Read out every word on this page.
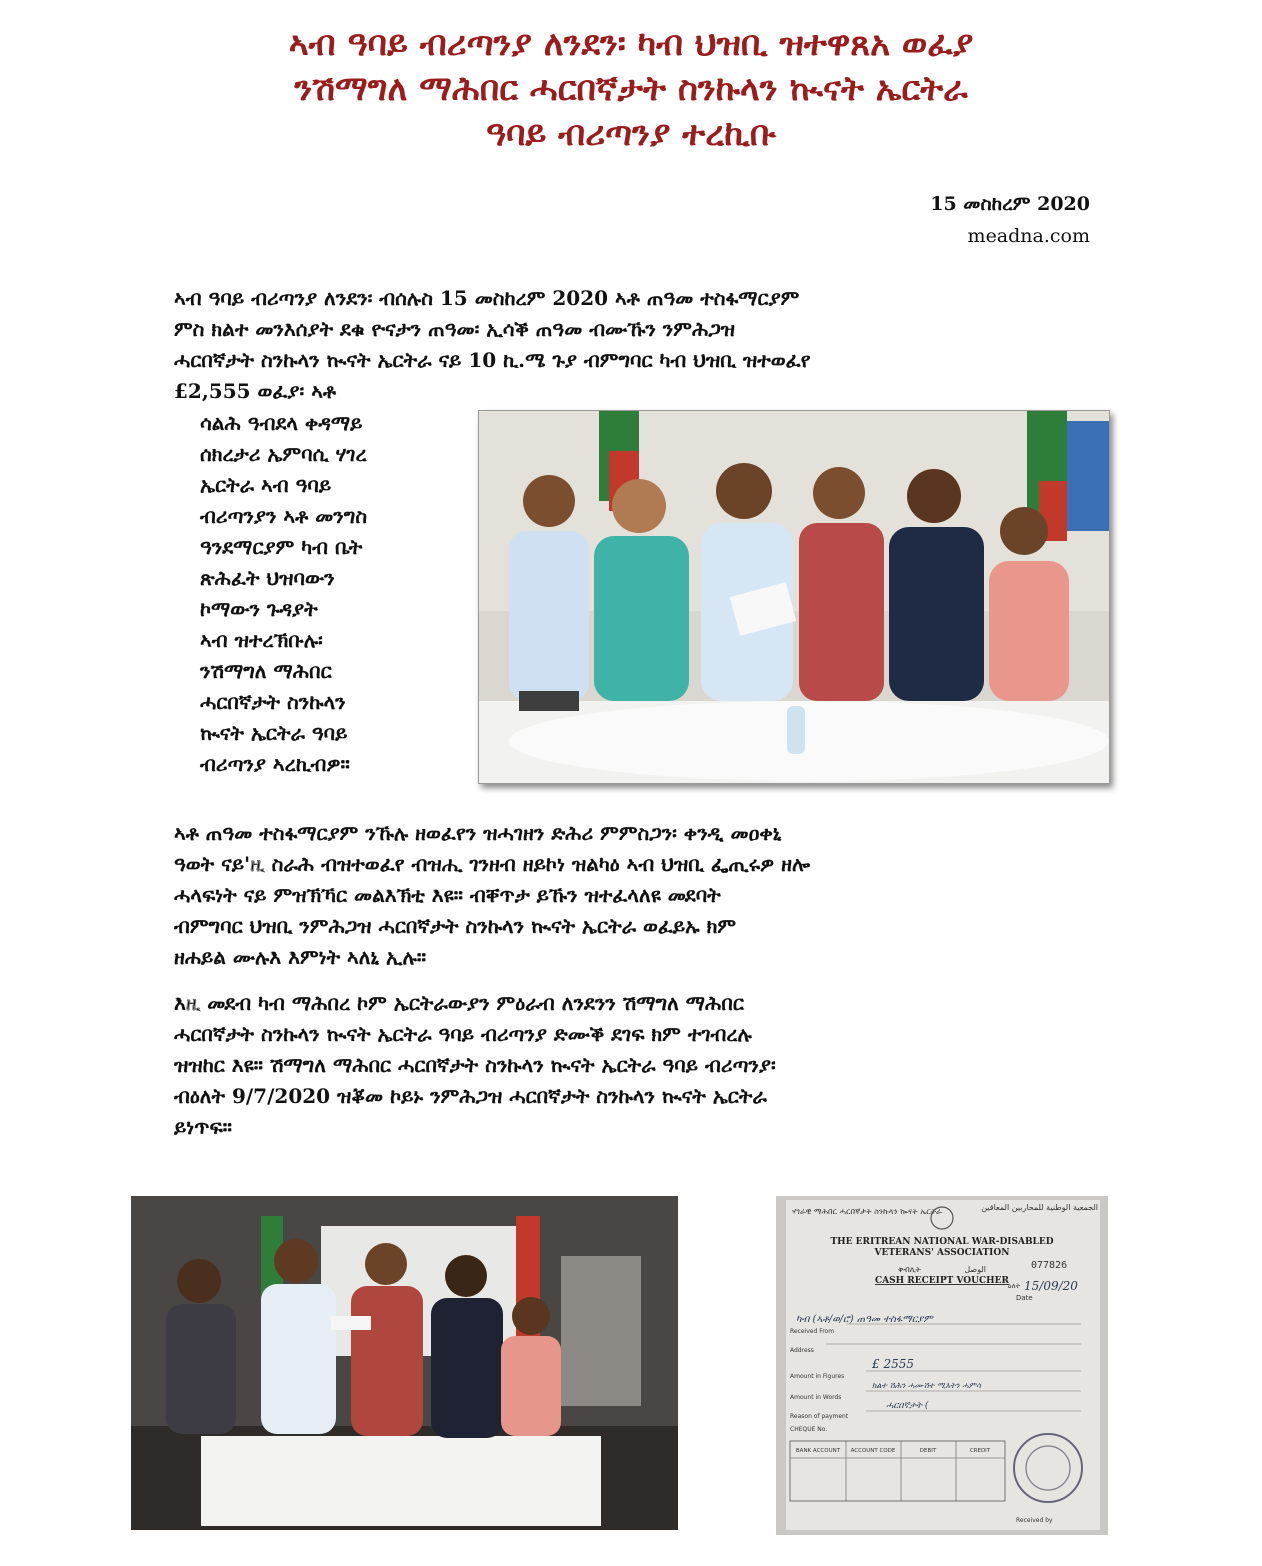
ኣብ ዓባይ ብሪጣንያ ለንደን፡ ካብ ህዝቢ ዝተዋጸአ ወፈያ
ንሽማግለ ማሕበር ሓርበኛታት ስንኩላን ኲናት ኤርትራ
ዓባይ ብሪጣንያ ተረኪቡ
15 መስከረም 2020
meadna.com
ኣብ ዓባይ ብሪጣንያ ለንደን፡ ብሰሉስ 15 መስከረም 2020 ኣቶ ጠዓመ ተስፋማርያም
ምስ ክልተ መንእሰያት ደቁ ዮናታን ጠዓመ፡ ኢሳቕ ጠዓመ ብሙኹን ንምሕጋዝ
ሓርበኛታት ስንኩላን ኲናት ኤርትራ ናይ 10 ኪ.ሜ ጉያ ብምግባር ካብ ህዝቢ ዝተወፈየ
£2,555 ወፈያ፡ ኣቶ
ሳልሕ ዓብደላ ቀዳማይ
ሰክረታሪ ኤምባሲ ሃገረ
ኤርትራ ኣብ ዓባይ
ብሪጣንያን ኣቶ መንግስ
ዓንደማርያም ካብ ቤት
ጽሕፈት ህዝባውን
ኮማውን ጉዳያት
ኣብ ዝተረኽቡሉ፡
ንሽማግለ ማሕበር
ሓርበኛታት ስንኩላን
ኲናት ኤርትራ ዓባይ
ብሪጣንያ ኣረኪብዎ።
ኣቶ ጠዓመ ተስፋማርያም ንኹሉ ዘወፈየን ዝሓገዘን ድሕሪ ምምስጋን፡ ቀንዲ መዐቀኒ
ዓወት ናይ'ዚ ስራሕ ብዝተወፈየ ብዝሒ ገንዘብ ዘይኮነ ዝልካዕ ኣብ ህዝቢ ፌጢሩዎ ዘሎ
ሓላፍነት ናይ ምዝኽኻር መልእኽቲ እዩ። ብቐጥታ ይኹን ዝተፈላለዩ መደባት
ብምግባር ህዝቢ ንምሕጋዝ ሓርበኛታት ስንኩላን ኲናት ኤርትራ ወፈይኡ ክም
ዘሐይል ሙሉእ እምነት ኣለኒ ኢሉ።
እዚ መደብ ካብ ማሕበረ ኮም ኤርትራውያን ምዕራብ ለንደንን ሽማግለ ማሕበር
ሓርበኛታት ስንኩላን ኲናት ኤርትራ ዓባይ ብሪጣንያ ድሙቕ ደገፍ ክም ተገብረሉ
ዝዝከር እዩ። ሽማግለ ማሕበር ሓርበኛታት ስንኩላን ኲናት ኤርትራ ዓባይ ብሪጣንያ፡
ብዕለት 9/7/2020 ዝቖመ ኮይኑ ንምሕጋዝ ሓርበኛታት ስንኩላን ኲናት ኤርትራ
ይነጥፍ።
ሃገራዊ ማሕበር ሓርበኛታት ስንኩላን ኲናት ኤርትራ	الجمعية الوطنية للمحاربين المعاقين
THE ERITREAN NATIONAL WAR-DISABLED
VETERANS' ASSOCIATION
077826
ቅብሊት	الوصل
CASH RECEIPT VOUCHER ዕለት 15/09/20
Date
ካብ (ኣቶ/ወ/ሮ) ጠዓመ ተስፋማርያም
Received From
Address
£ 2555
Amount in Figures
ክልተ ሽሕን ሓሙሽተ ሚእትን ሓምሳ
Amount in Words
ሓርበኛታት (
Reason of payment
CHEQUE No.
BANK ACCOUNT ACCOUNT CODE	DEBIT	CREDIT
Received by
